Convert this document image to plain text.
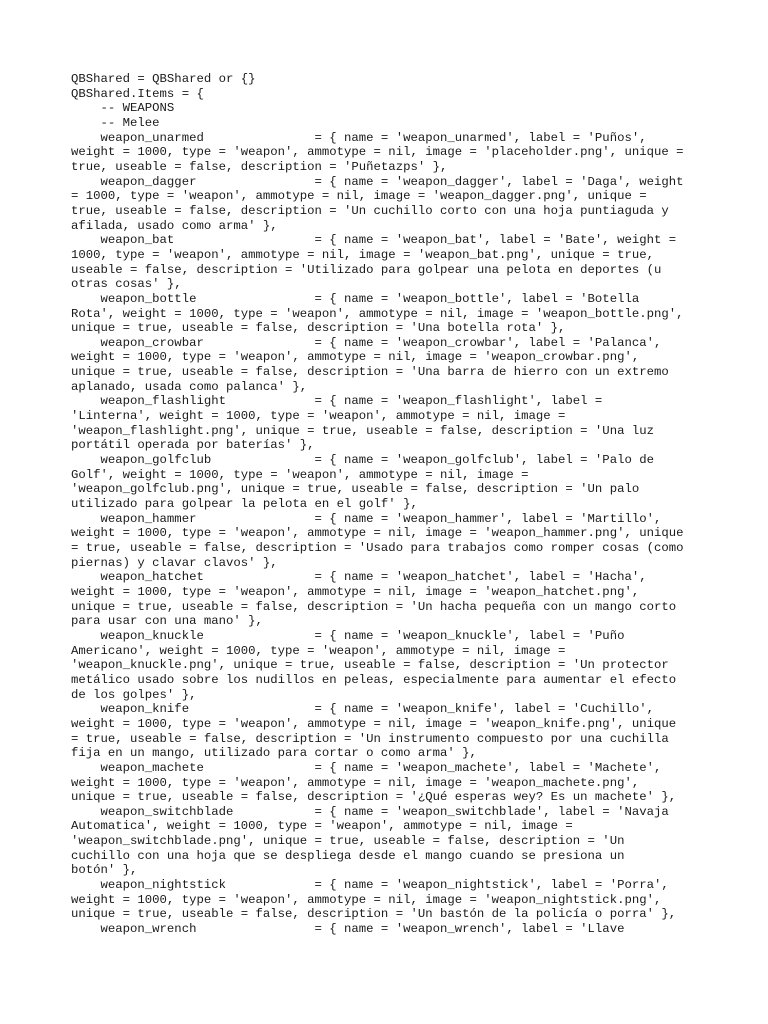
QBShared = QBShared or {}
QBShared.Items = {
-- WEAPONS
-- Melee
weapon_unarmed               = { name = 'weapon_unarmed', label = 'Puños',
weight = 1000, type = 'weapon', ammotype = nil, image = 'placeholder.png', unique =
true, useable = false, description = 'Puñetazps' },
weapon_dagger                = { name = 'weapon_dagger', label = 'Daga', weight
= 1000, type = 'weapon', ammotype = nil, image = 'weapon_dagger.png', unique =
true, useable = false, description = 'Un cuchillo corto con una hoja puntiaguda y
afilada, usado como arma' },
weapon_bat                   = { name = 'weapon_bat', label = 'Bate', weight =
1000, type = 'weapon', ammotype = nil, image = 'weapon_bat.png', unique = true,
useable = false, description = 'Utilizado para golpear una pelota en deportes (u
otras cosas' },
weapon_bottle                = { name = 'weapon_bottle', label = 'Botella
Rota', weight = 1000, type = 'weapon', ammotype = nil, image = 'weapon_bottle.png',
unique = true, useable = false, description = 'Una botella rota' },
weapon_crowbar               = { name = 'weapon_crowbar', label = 'Palanca',
weight = 1000, type = 'weapon', ammotype = nil, image = 'weapon_crowbar.png',
unique = true, useable = false, description = 'Una barra de hierro con un extremo
aplanado, usada como palanca' },
weapon_flashlight            = { name = 'weapon_flashlight', label =
'Linterna', weight = 1000, type = 'weapon', ammotype = nil, image =
'weapon_flashlight.png', unique = true, useable = false, description = 'Una luz
portátil operada por baterías' },
weapon_golfclub              = { name = 'weapon_golfclub', label = 'Palo de
Golf', weight = 1000, type = 'weapon', ammotype = nil, image =
'weapon_golfclub.png', unique = true, useable = false, description = 'Un palo
utilizado para golpear la pelota en el golf' },
weapon_hammer                = { name = 'weapon_hammer', label = 'Martillo',
weight = 1000, type = 'weapon', ammotype = nil, image = 'weapon_hammer.png', unique
= true, useable = false, description = 'Usado para trabajos como romper cosas (como
piernas) y clavar clavos' },
weapon_hatchet               = { name = 'weapon_hatchet', label = 'Hacha',
weight = 1000, type = 'weapon', ammotype = nil, image = 'weapon_hatchet.png',
unique = true, useable = false, description = 'Un hacha pequeña con un mango corto
para usar con una mano' },
weapon_knuckle               = { name = 'weapon_knuckle', label = 'Puño
Americano', weight = 1000, type = 'weapon', ammotype = nil, image =
'weapon_knuckle.png', unique = true, useable = false, description = 'Un protector
metálico usado sobre los nudillos en peleas, especialmente para aumentar el efecto
de los golpes' },
weapon_knife                 = { name = 'weapon_knife', label = 'Cuchillo',
weight = 1000, type = 'weapon', ammotype = nil, image = 'weapon_knife.png', unique
= true, useable = false, description = 'Un instrumento compuesto por una cuchilla
fija en un mango, utilizado para cortar o como arma' },
weapon_machete               = { name = 'weapon_machete', label = 'Machete',
weight = 1000, type = 'weapon', ammotype = nil, image = 'weapon_machete.png',
unique = true, useable = false, description = '¿Qué esperas wey? Es un machete' },
weapon_switchblade           = { name = 'weapon_switchblade', label = 'Navaja
Automatica', weight = 1000, type = 'weapon', ammotype = nil, image =
'weapon_switchblade.png', unique = true, useable = false, description = 'Un
cuchillo con una hoja que se despliega desde el mango cuando se presiona un
botón' },
weapon_nightstick            = { name = 'weapon_nightstick', label = 'Porra',
weight = 1000, type = 'weapon', ammotype = nil, image = 'weapon_nightstick.png',
unique = true, useable = false, description = 'Un bastón de la policía o porra' },
weapon_wrench                = { name = 'weapon_wrench', label = 'Llave
